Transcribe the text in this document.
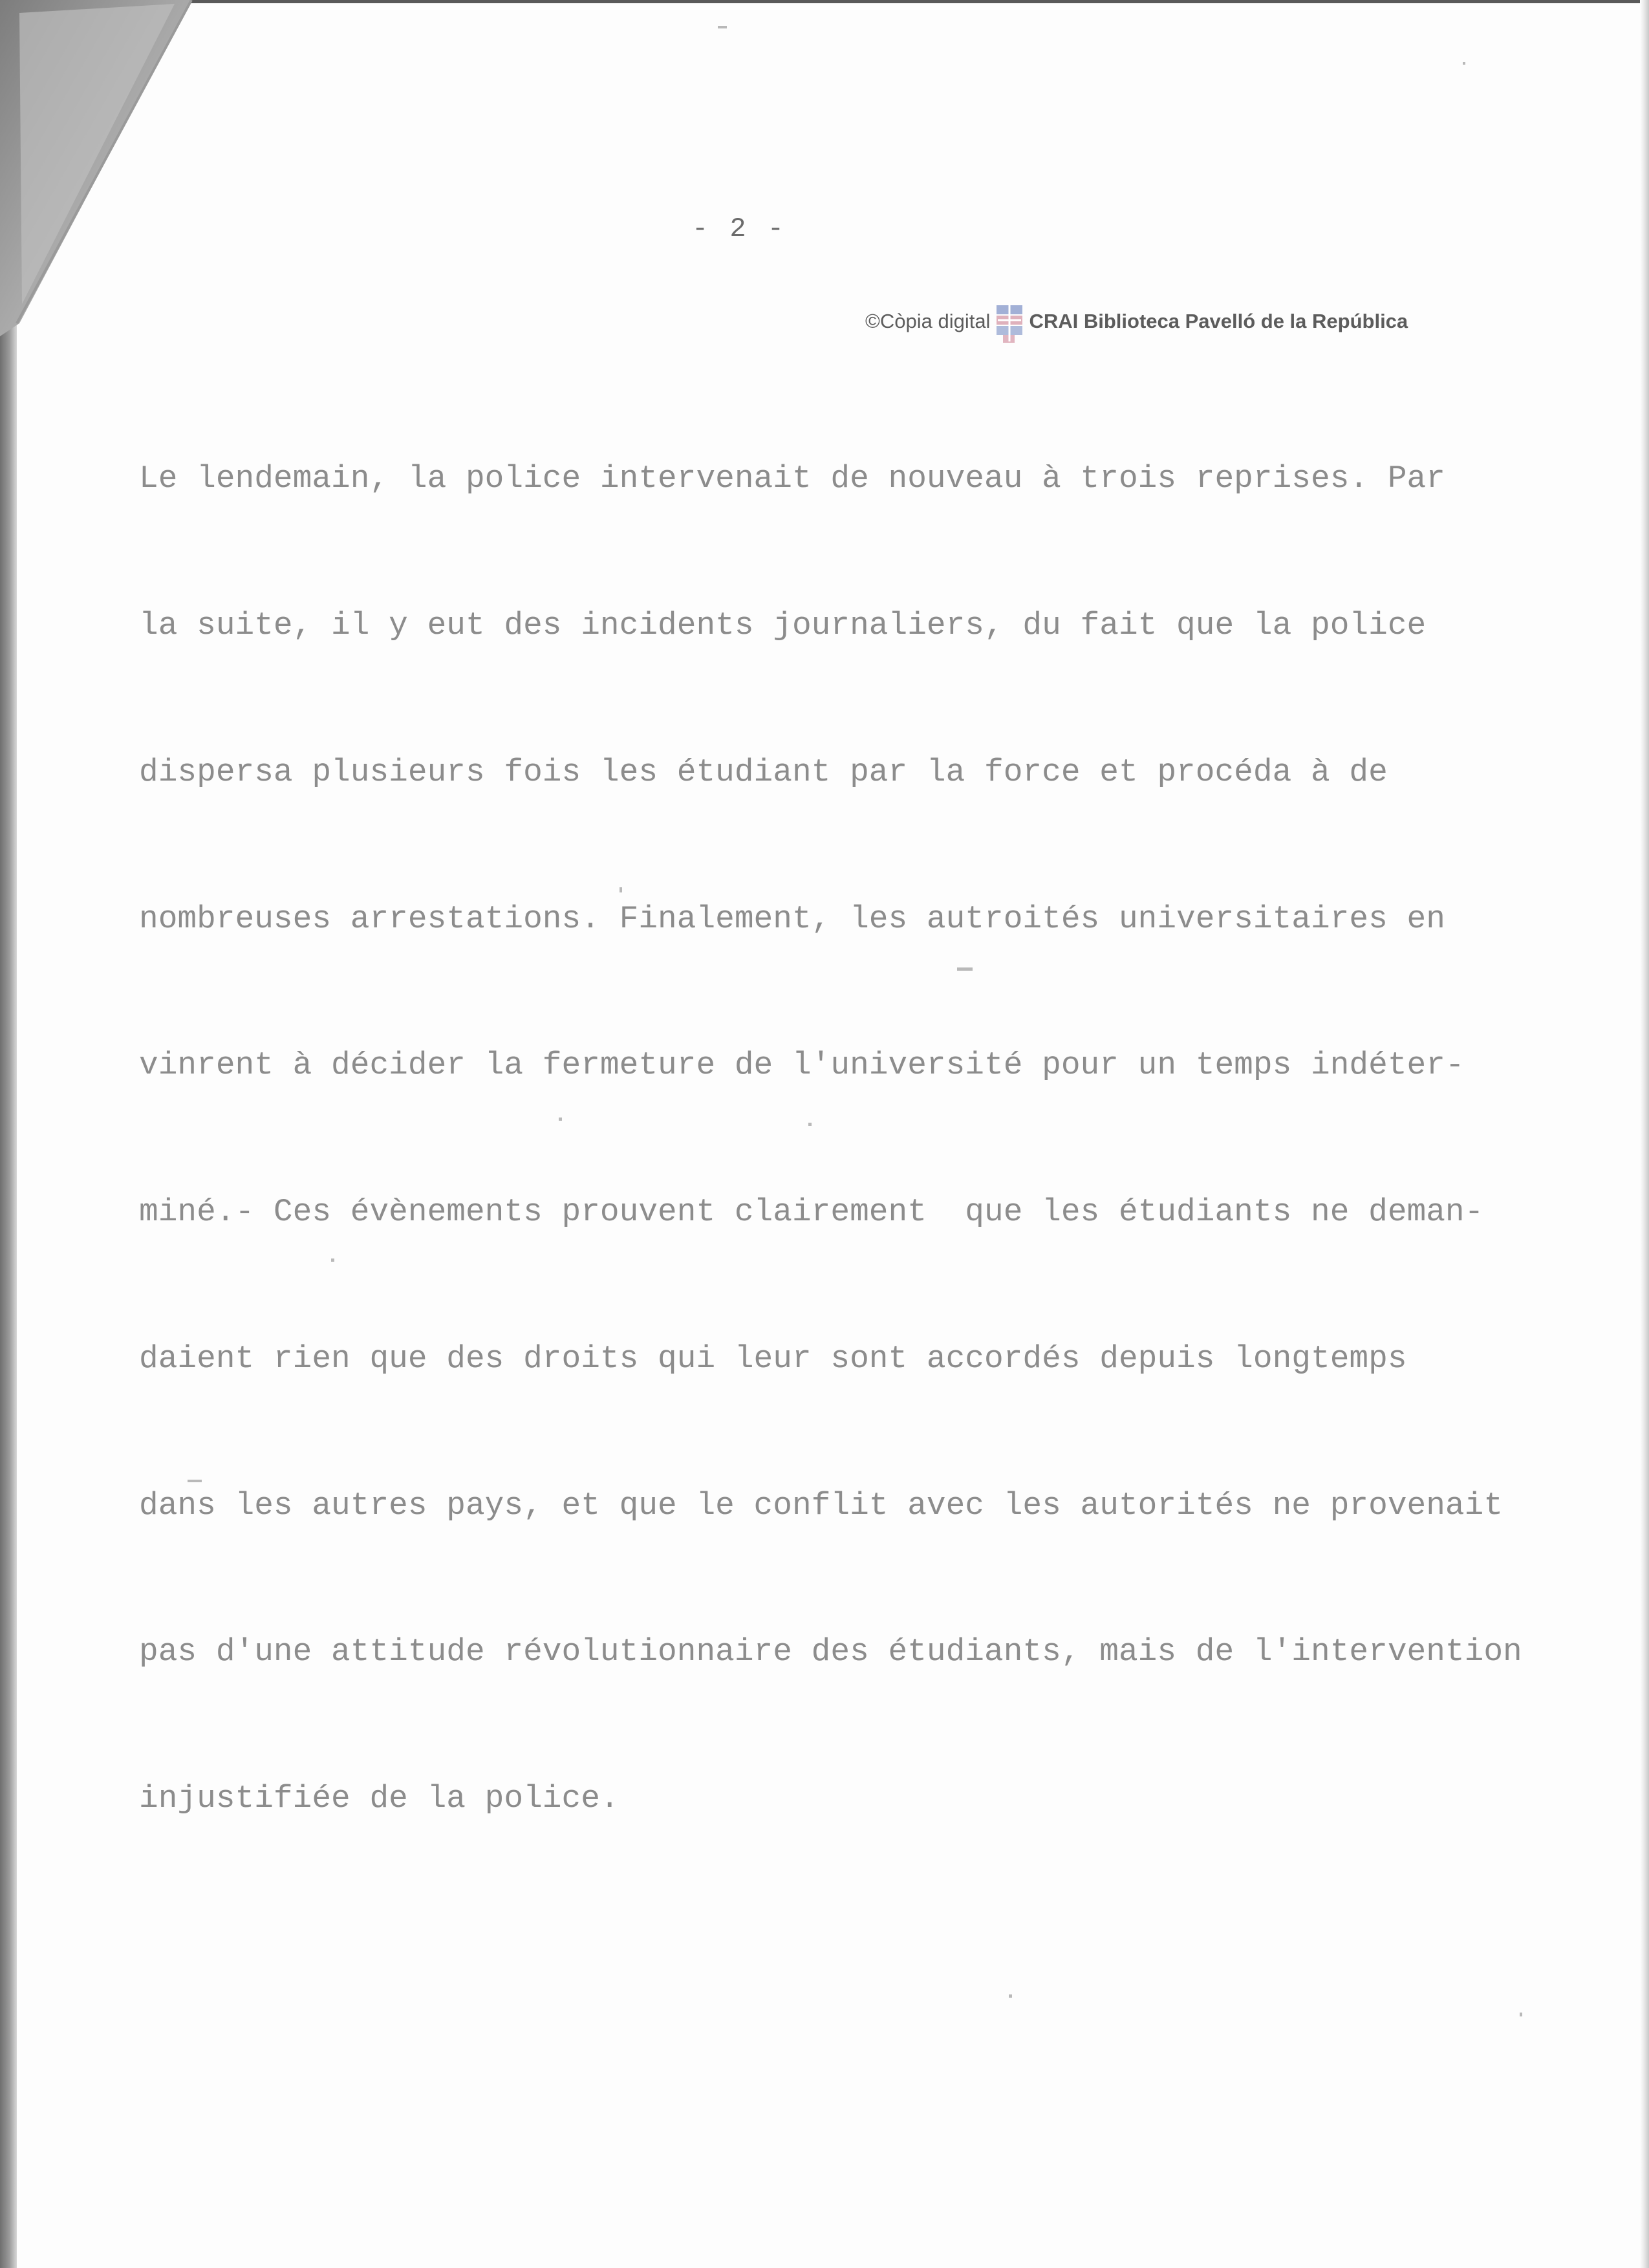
- 2 -
©Còpia digital CRAI Biblioteca Pavelló de la República

Le lendemain, la police intervenait de nouveau à trois reprises. Par

la suite, il y eut des incidents journaliers, du fait que la police

dispersa plusieurs fois les étudiant par la force et procéda à de

nombreuses arrestations. Finalement, les autroités universitaires en

vinrent à décider la fermeture de l'université pour un temps indéter-

miné.- Ces évènements prouvent clairement  que les étudiants ne deman-

daient rien que des droits qui leur sont accordés depuis longtemps

dans les autres pays, et que le conflit avec les autorités ne provenait

pas d'une attitude révolutionnaire des étudiants, mais de l'intervention

injustifiée de la police.
